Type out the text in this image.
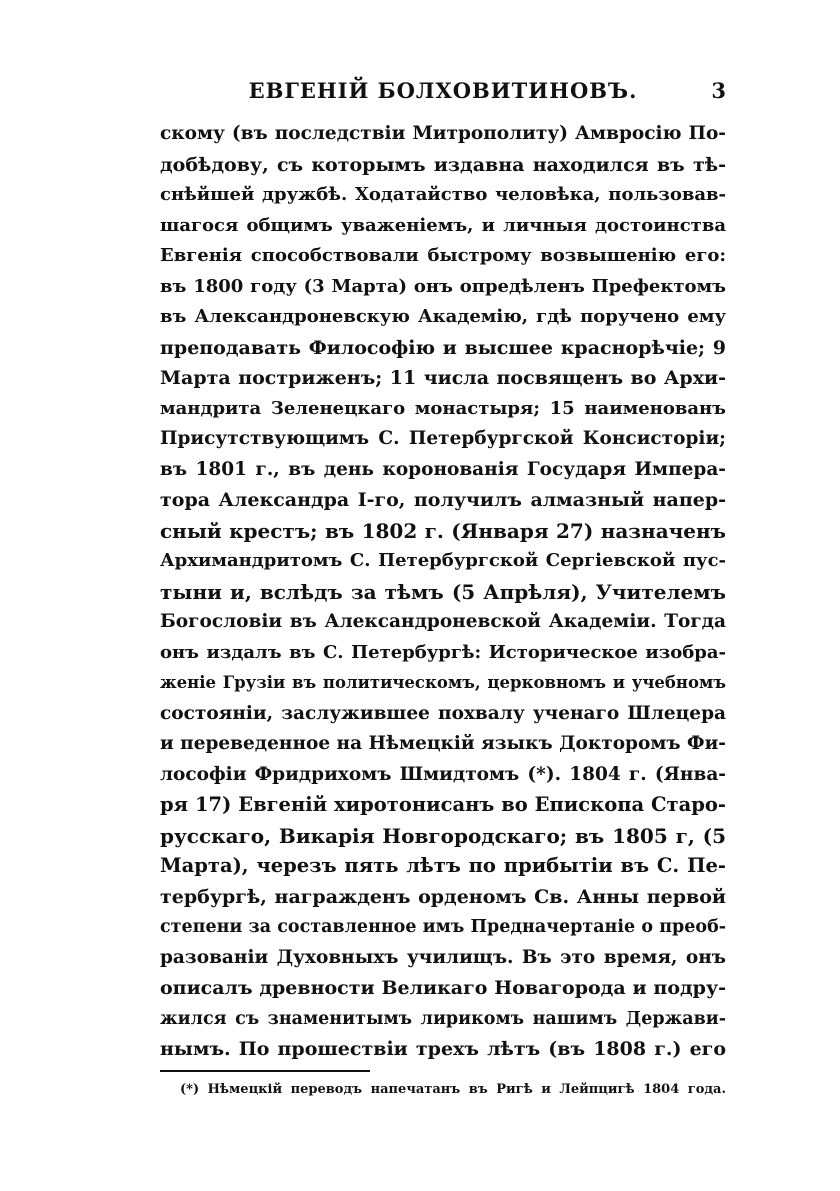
ЕВГЕНІЙ БОЛХОВИТИНОВЪ.	3
скому (въ последствіи Митрополиту) Амвросію По-
добѣдову, съ которымъ издавна находился въ тѣ-
снѣйшей дружбѣ. Ходатайство человѣка, пользовав-
шагося общимъ уваженіемъ, и личныя достоинства
Евгенія способствовали быстрому возвышенію его:
въ 1800 году (3 Марта) онъ опредѣленъ Префектомъ
въ Александроневскую Академію, гдѣ поручено ему
преподавать Философію и высшее краснорѣчіе; 9
Марта постриженъ; 11 числа посвященъ во Архи-
мандрита Зеленецкаго монастыря; 15 наименованъ
Присутствующимъ С. Петербургской Консисторіи;
въ 1801 г., въ день коронованія Государя Импера-
тора Александра I-го, получилъ алмазный напер-
сный крестъ; въ 1802 г. (Января 27) назначенъ
Архимандритомъ С. Петербургской Сергіевской пус-
тыни и, вслѣдъ за тѣмъ (5 Апрѣля), Учителемъ
Богословіи въ Александроневской Академіи. Тогда
онъ издалъ въ С. Петербургѣ: Историческое изобра-
женіе Грузіи въ политическомъ, церковномъ и учебномъ
состояніи, заслужившее похвалу ученаго Шлецера
и переведенное на Нѣмецкій языкъ Докторомъ Фи-
лософіи Фридрихомъ Шмидтомъ (*). 1804 г. (Янва-
ря 17) Евгеній хиротонисанъ во Епископа Старо-
русскаго, Викарія Новгородскаго; въ 1805 г, (5
Марта), черезъ пять лѣтъ по прибытіи въ С. Пе-
тербургѣ, награжденъ орденомъ Св. Анны первой
степени за составленное имъ Предначертаніе о преоб-
разованіи Духовныхъ училищъ. Въ это время, онъ
описалъ древности Великаго Новагорода и подру-
жился съ знаменитымъ лирикомъ нашимъ Держави-
нымъ. По прошествіи трехъ лѣтъ (въ 1808 г.) его
(*) Нѣмецкій переводъ напечатанъ въ Ригѣ и Лейпцигѣ 1804 года.
